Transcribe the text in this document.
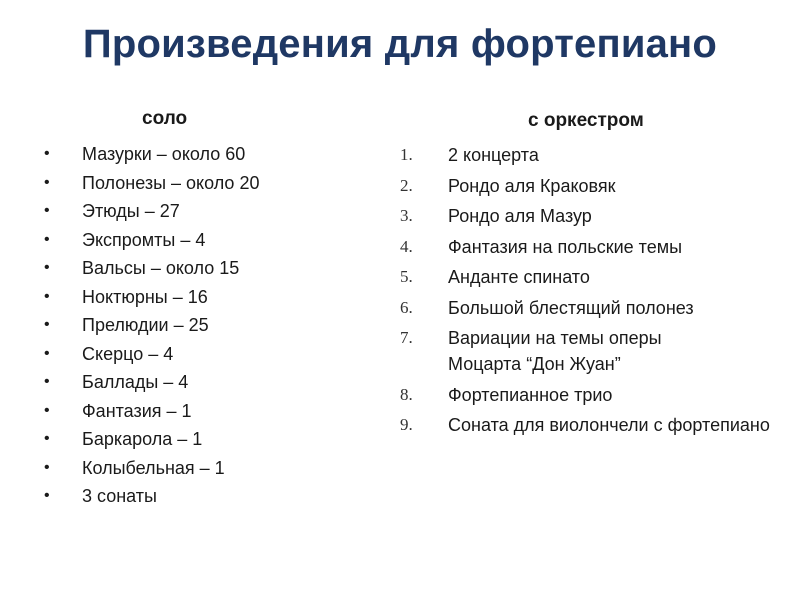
Произведения для фортепиано
соло
• Мазурки – около 60
• Полонезы – около 20
• Этюды – 27
• Экспромты – 4
• Вальсы – около 15
• Ноктюрны – 16
• Прелюдии – 25
• Скерцо – 4
• Баллады – 4
• Фантазия – 1
• Баркарола – 1
• Колыбельная – 1
• 3 сонаты
с оркестром
1. 2 концерта
2. Рондо аля Краковяк
3. Рондо аля Мазур
4. Фантазия на польские темы
5. Анданте спинато
6. Большой блестящий полонез
7. Вариации на темы оперы Моцарта “Дон Жуан”
8. Фортепианное трио
9. Соната для виолончели с фортепиано
